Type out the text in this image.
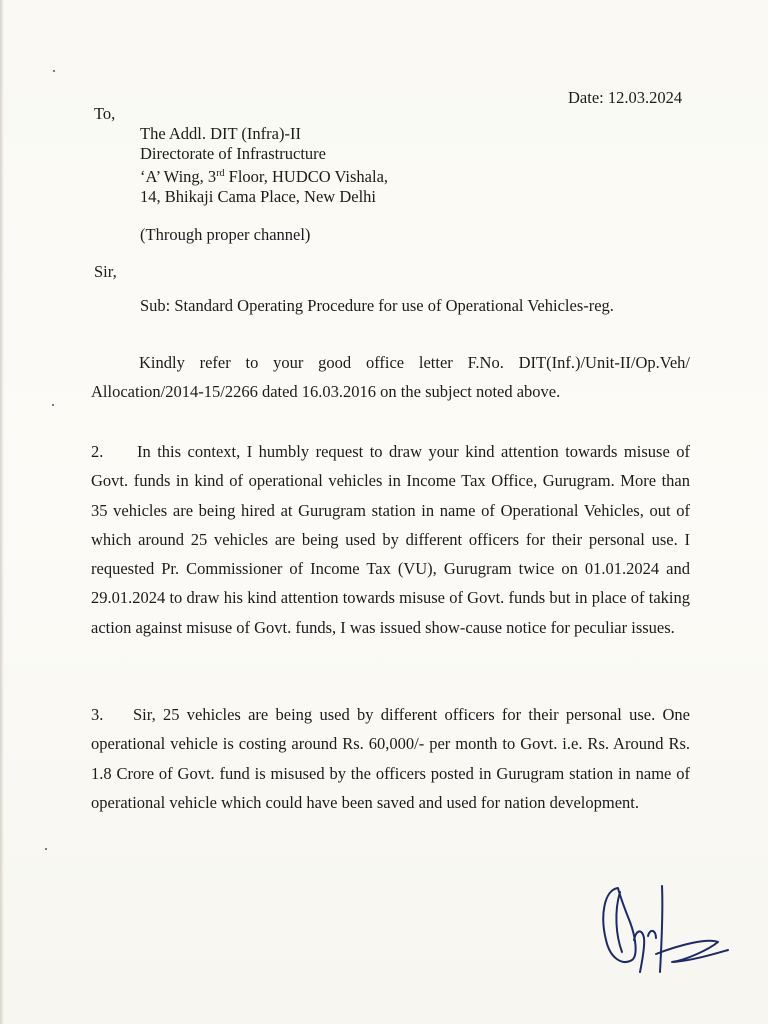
Date: 12.03.2024
To,
The Addl. DIT (Infra)-II
Directorate of Infrastructure
‘A’ Wing, 3rd Floor, HUDCO Vishala,
14, Bhikaji Cama Place, New Delhi
(Through proper channel)
Sir,
Sub: Standard Operating Procedure for use of Operational Vehicles-reg.
Kindly refer to your good office letter F.No. DIT(Inf.)/Unit-II/Op.Veh/ Allocation/2014-15/2266 dated 16.03.2016 on the subject noted above.
2. In this context, I humbly request to draw your kind attention towards misuse of Govt. funds in kind of operational vehicles in Income Tax Office, Gurugram. More than 35 vehicles are being hired at Gurugram station in name of Operational Vehicles, out of which around 25 vehicles are being used by different officers for their personal use. I requested Pr. Commissioner of Income Tax (VU), Gurugram twice on 01.01.2024 and 29.01.2024 to draw his kind attention towards misuse of Govt. funds but in place of taking action against misuse of Govt. funds, I was issued show-cause notice for peculiar issues.
3. Sir, 25 vehicles are being used by different officers for their personal use. One operational vehicle is costing around Rs. 60,000/- per month to Govt. i.e. Rs. Around Rs. 1.8 Crore of Govt. fund is misused by the officers posted in Gurugram station in name of operational vehicle which could have been saved and used for nation development.
